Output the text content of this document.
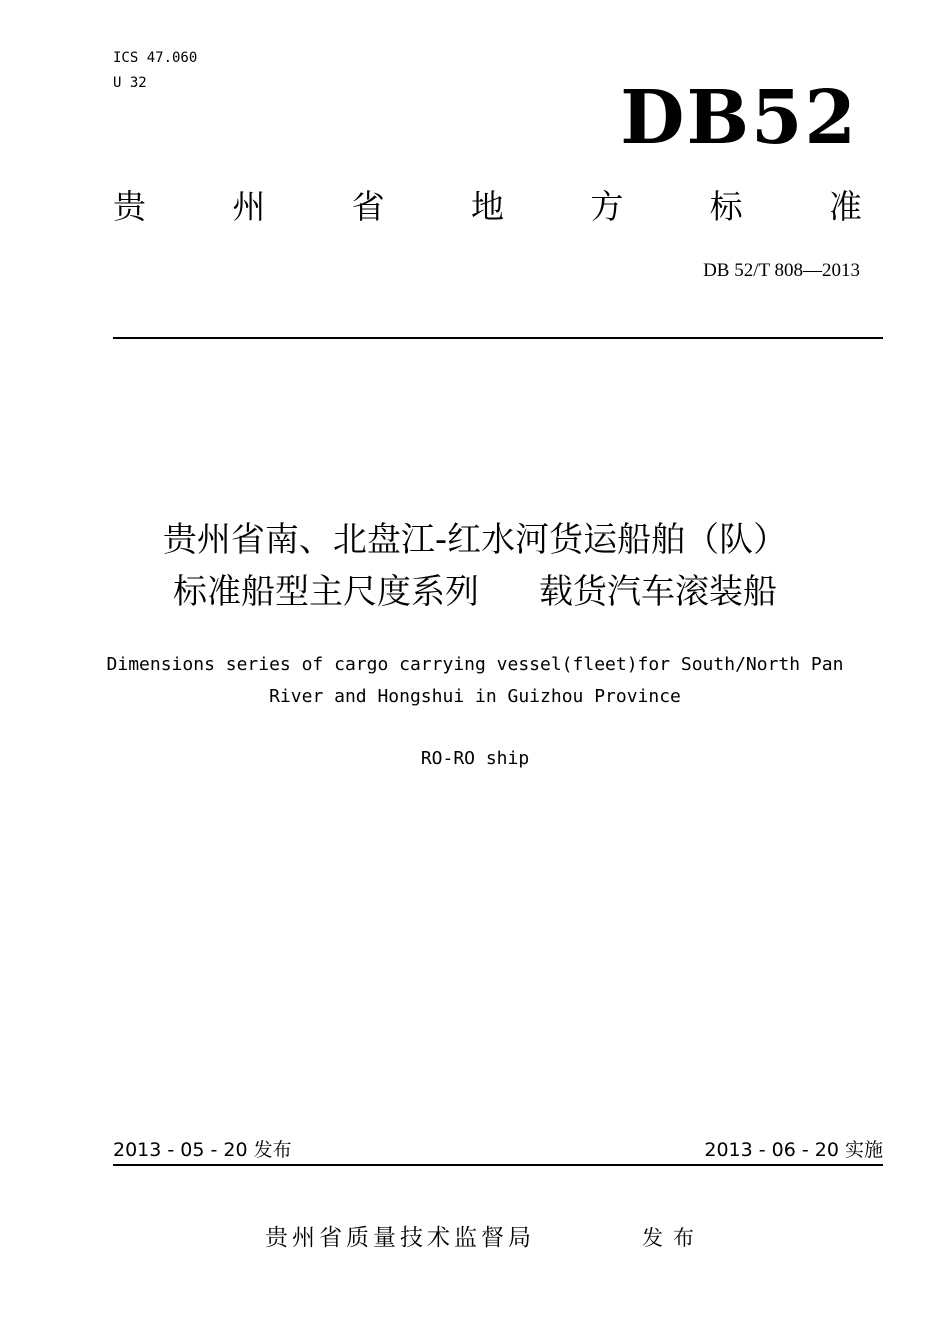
ICS 47.060
U 32	DB52
贵	州	省	地	方	标	准
DB 52/T 808—2013
贵州省南、北盘江-红水河货运船舶（队）
标准船型主尺度系列 载货汽车滚装船
Dimensions series of cargo carrying vessel(fleet)for South/North Pan
River and Hongshui in Guizhou Province
RO-RO ship
2013 - 05 - 20 发布	2013 - 06 - 20 实施
贵州省质量技术监督局	发布
